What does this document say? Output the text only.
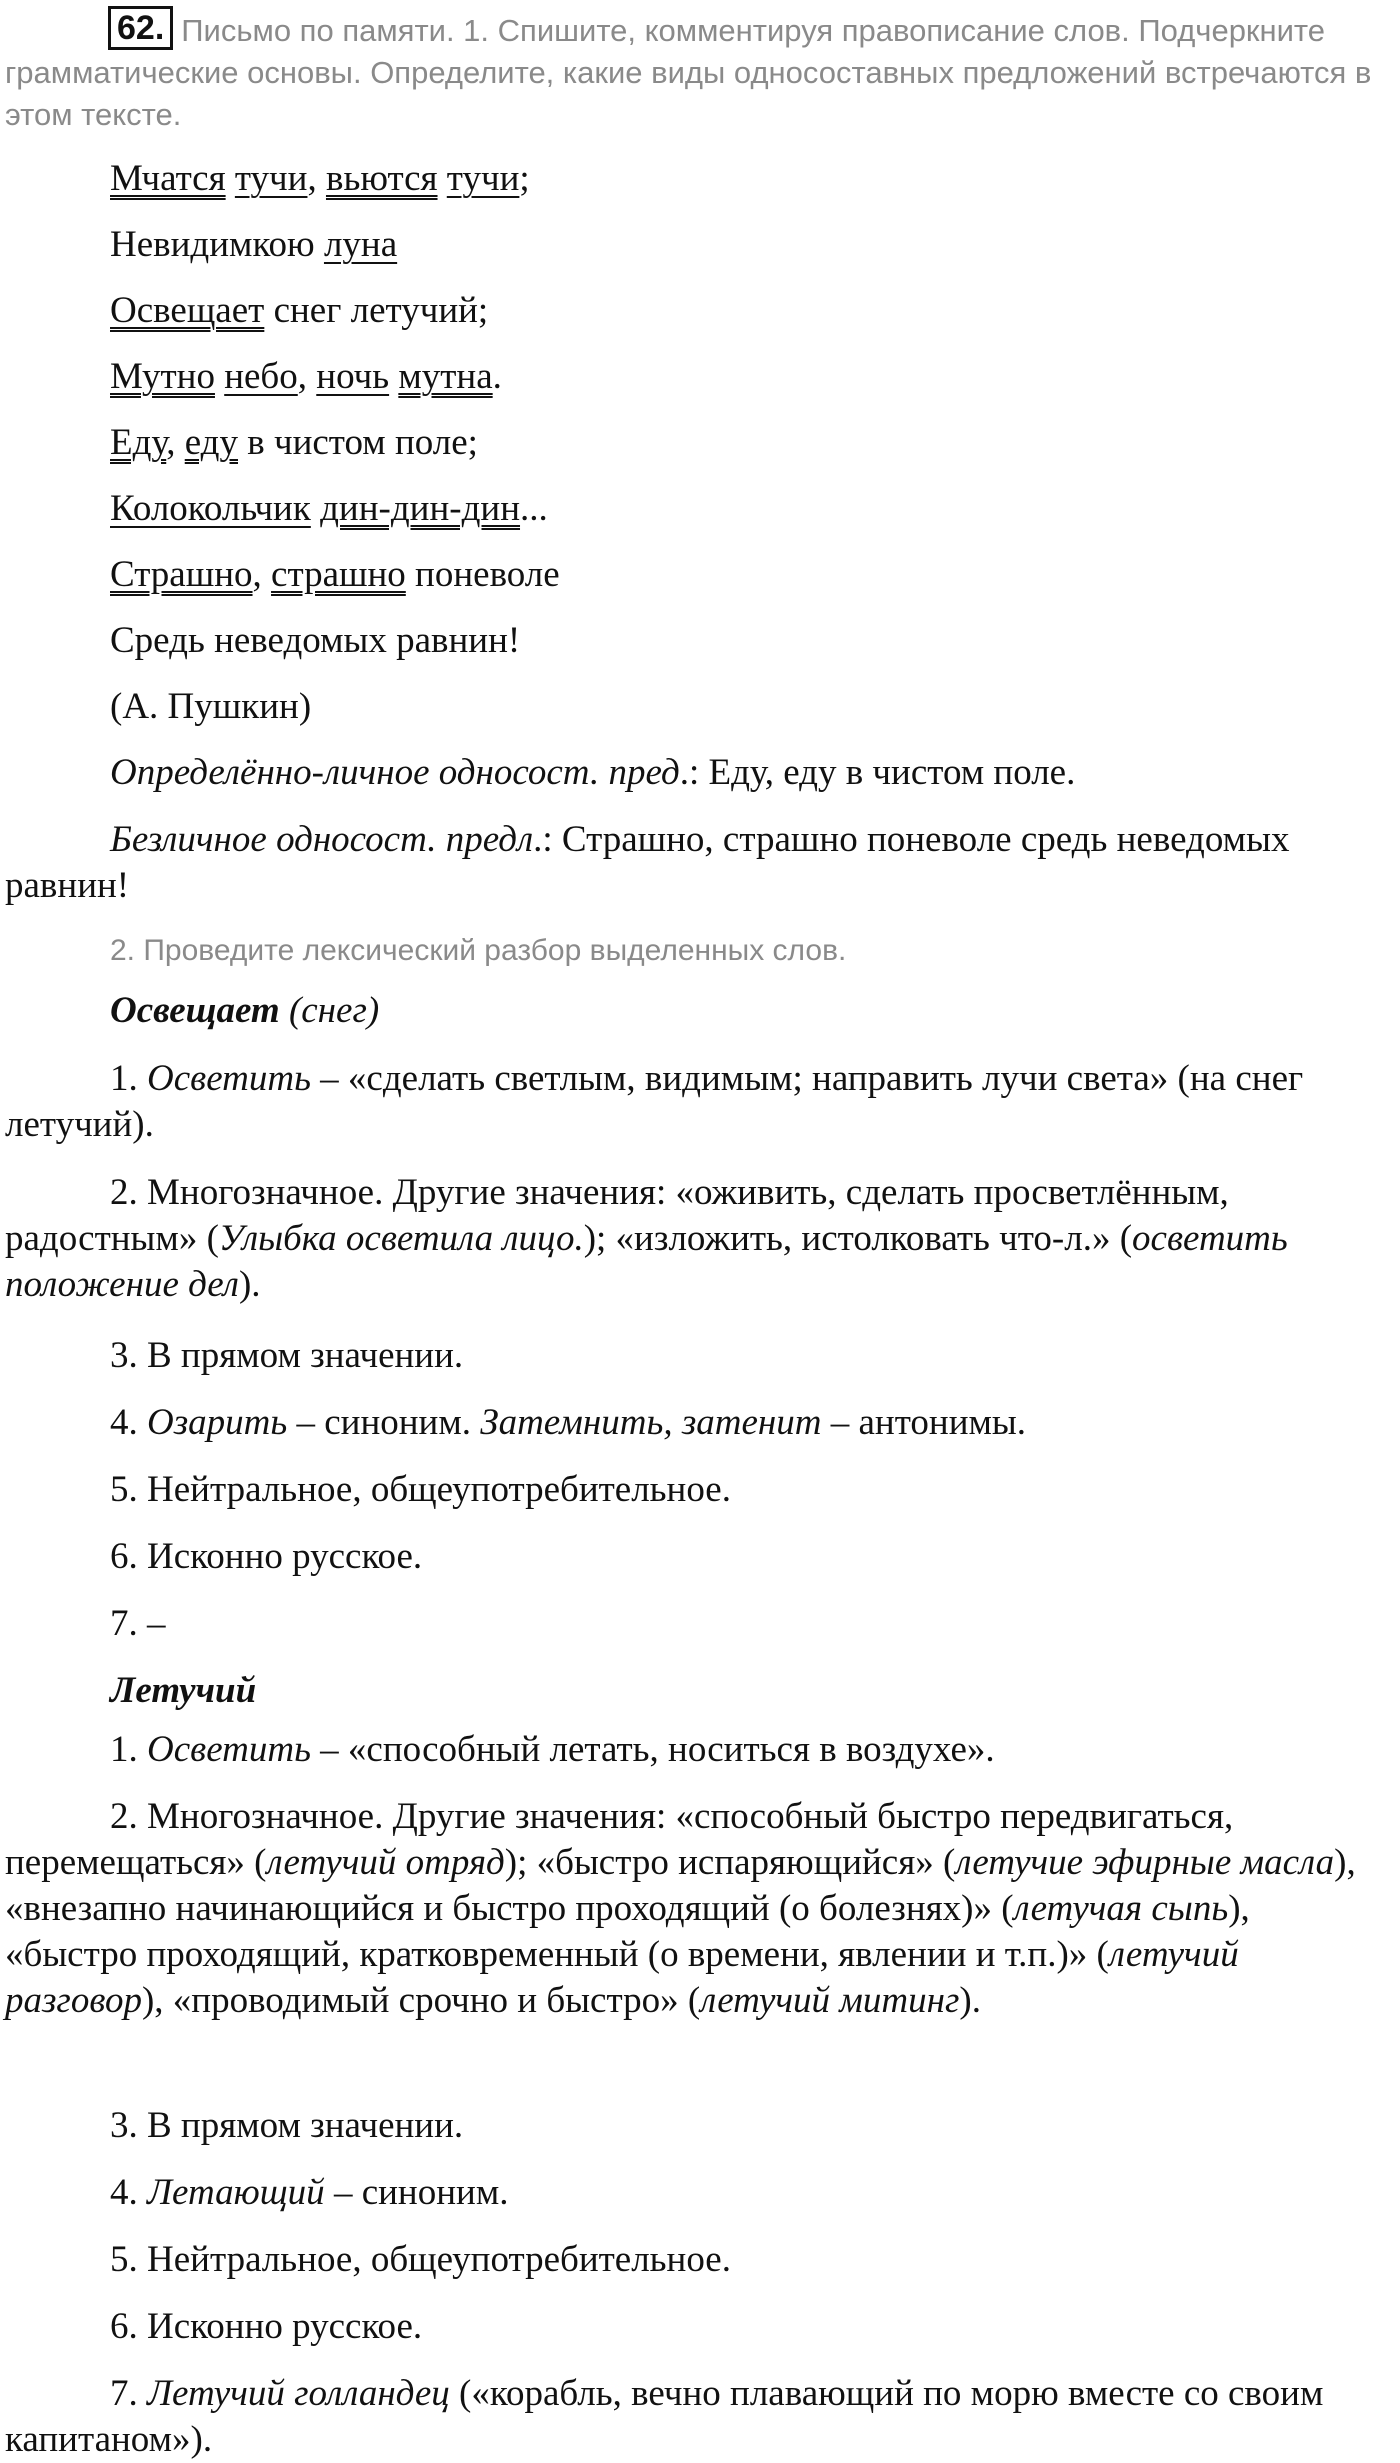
62. Письмо по памяти. 1. Спишите, комментируя правописание слов. Подчеркните грамматические основы. Определите, какие виды односоставных предложений встречаются в этом тексте.
Мчатся тучи, вьются тучи;
Невидимкою луна
Освещает снег летучий;
Мутно небо, ночь мутна.
Еду, еду в чистом поле;
Колокольчик дин-дин-дин...
Страшно, страшно поневоле
Средь неведомых равнин!
(А. Пушкин)
Определённо-личное односост. пред.: Еду, еду в чистом поле.
Безличное односост. предл.: Страшно, страшно поневоле средь неведомых равнин!
2. Проведите лексический разбор выделенных слов.
Освещает (снег)
1. Осветить – «сделать светлым, видимым; направить лучи света» (на снег летучий).
2. Многозначное. Другие значения: «оживить, сделать просветлённым, радостным» (Улыбка осветила лицо.); «изложить, истолковать что-л.» (осветить положение дел).
3. В прямом значении.
4. Озарить – синоним. Затемнить, затенит – антонимы.
5. Нейтральное, общеупотребительное.
6. Исконно русское.
7. –
Летучий
1. Осветить – «способный летать, носиться в воздухе».
2. Многозначное. Другие значения: «способный быстро передвигаться, перемещаться» (летучий отряд); «быстро испаряющийся» (летучие эфирные масла), «внезапно начинающийся и быстро проходящий (о болезнях)» (летучая сыпь), «быстро проходящий, кратковременный (о времени, явлении и т.п.)» (летучий разговор), «проводимый срочно и быстро» (летучий митинг).
3. В прямом значении.
4. Летающий – синоним.
5. Нейтральное, общеупотребительное.
6. Исконно русское.
7. Летучий голландец («корабль, вечно плавающий по морю вместе со своим капитаном»).
